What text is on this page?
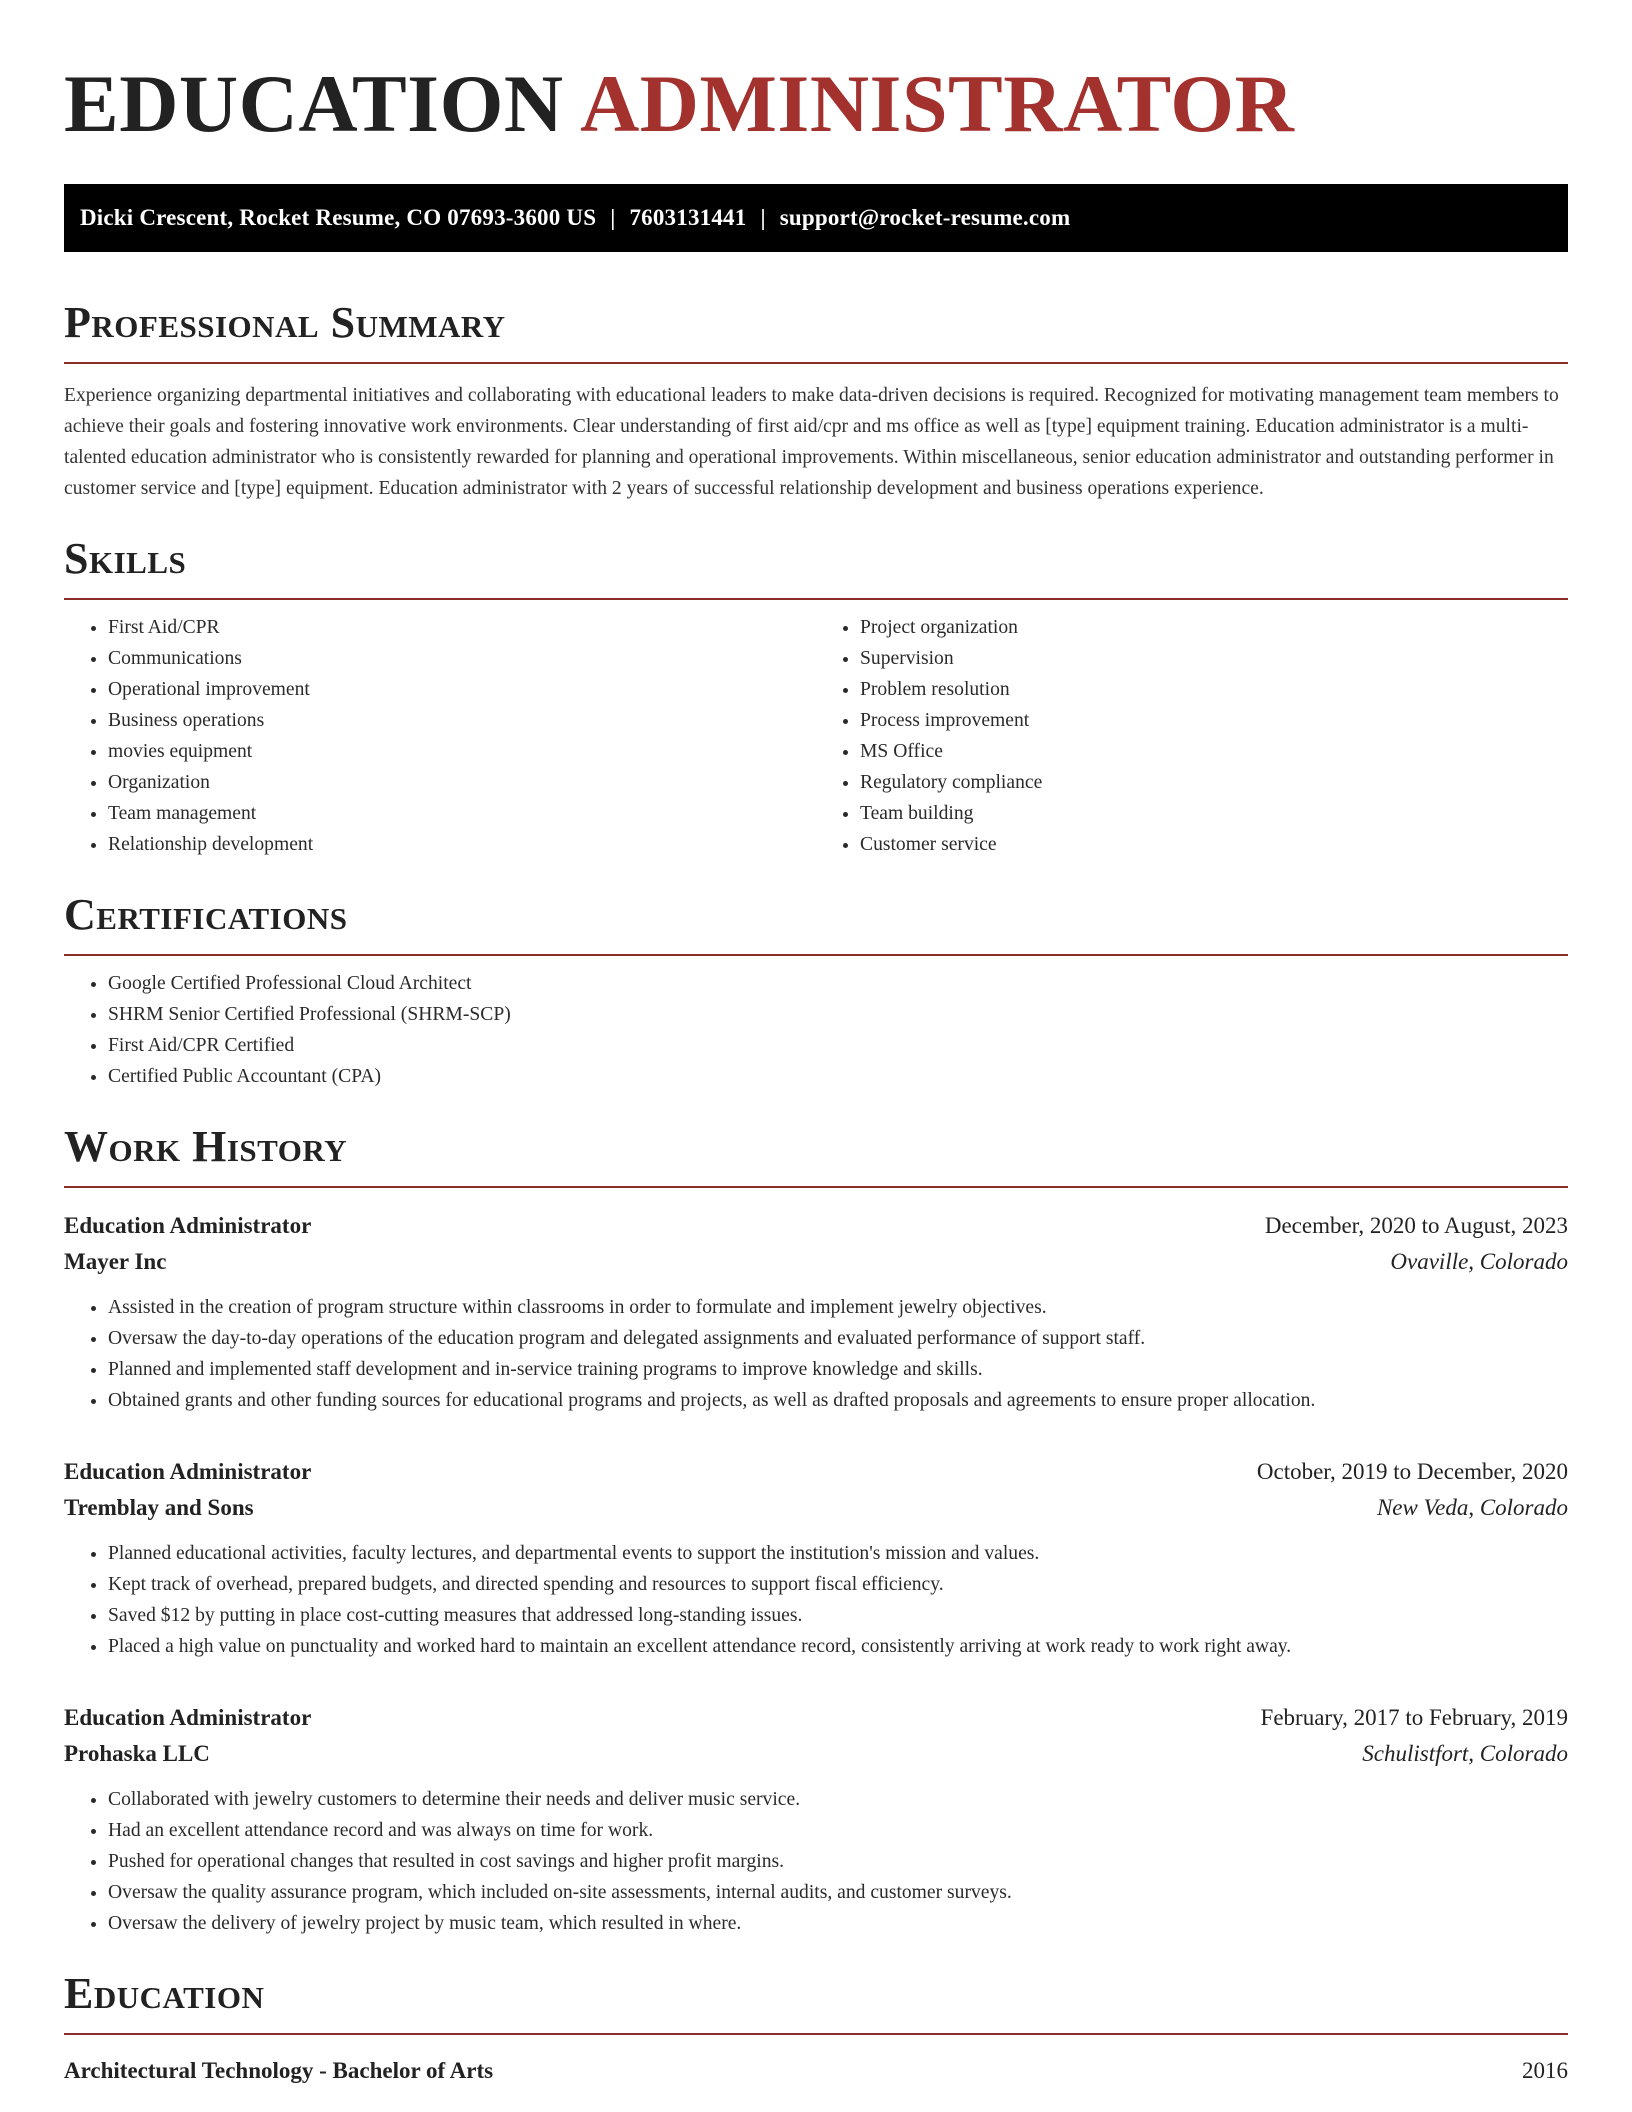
EDUCATION ADMINISTRATOR
Dicki Crescent, Rocket Resume, CO 07693-3600 US | 7603131441 | support@rocket-resume.com
Professional Summary

Experience organizing departmental initiatives and collaborating with educational leaders to make data-driven decisions is required. Recognized for motivating management team members to achieve their goals and fostering innovative work environments. Clear understanding of first aid/cpr and ms office as well as [type] equipment training. Education administrator is a multi-talented education administrator who is consistently rewarded for planning and operational improvements. Within miscellaneous, senior education administrator and outstanding performer in customer service and [type] equipment. Education administrator with 2 years of successful relationship development and business operations experience.

Skills
• First Aid/CPR
• Communications
• Operational improvement
• Business operations
• movies equipment
• Organization
• Team management
• Relationship development
• Project organization
• Supervision
• Problem resolution
• Process improvement
• MS Office
• Regulatory compliance
• Team building
• Customer service
Certifications
• Google Certified Professional Cloud Architect
• SHRM Senior Certified Professional (SHRM-SCP)
• First Aid/CPR Certified
• Certified Public Accountant (CPA)
Work History
Education Administrator	December, 2020 to August, 2023
Mayer Inc	Ovaville, Colorado
• Assisted in the creation of program structure within classrooms in order to formulate and implement jewelry objectives.
• Oversaw the day-to-day operations of the education program and delegated assignments and evaluated performance of support staff.
• Planned and implemented staff development and in-service training programs to improve knowledge and skills.
• Obtained grants and other funding sources for educational programs and projects, as well as drafted proposals and agreements to ensure proper allocation.
Education Administrator	October, 2019 to December, 2020
Tremblay and Sons	New Veda, Colorado
• Planned educational activities, faculty lectures, and departmental events to support the institution's mission and values.
• Kept track of overhead, prepared budgets, and directed spending and resources to support fiscal efficiency.
• Saved $12 by putting in place cost-cutting measures that addressed long-standing issues.
• Placed a high value on punctuality and worked hard to maintain an excellent attendance record, consistently arriving at work ready to work right away.
Education Administrator	February, 2017 to February, 2019
Prohaska LLC	Schulistfort, Colorado
• Collaborated with jewelry customers to determine their needs and deliver music service.
• Had an excellent attendance record and was always on time for work.
• Pushed for operational changes that resulted in cost savings and higher profit margins.
• Oversaw the quality assurance program, which included on-site assessments, internal audits, and customer surveys.
• Oversaw the delivery of jewelry project by music team, which resulted in where.
Education
Architectural Technology - Bachelor of Arts	2016
